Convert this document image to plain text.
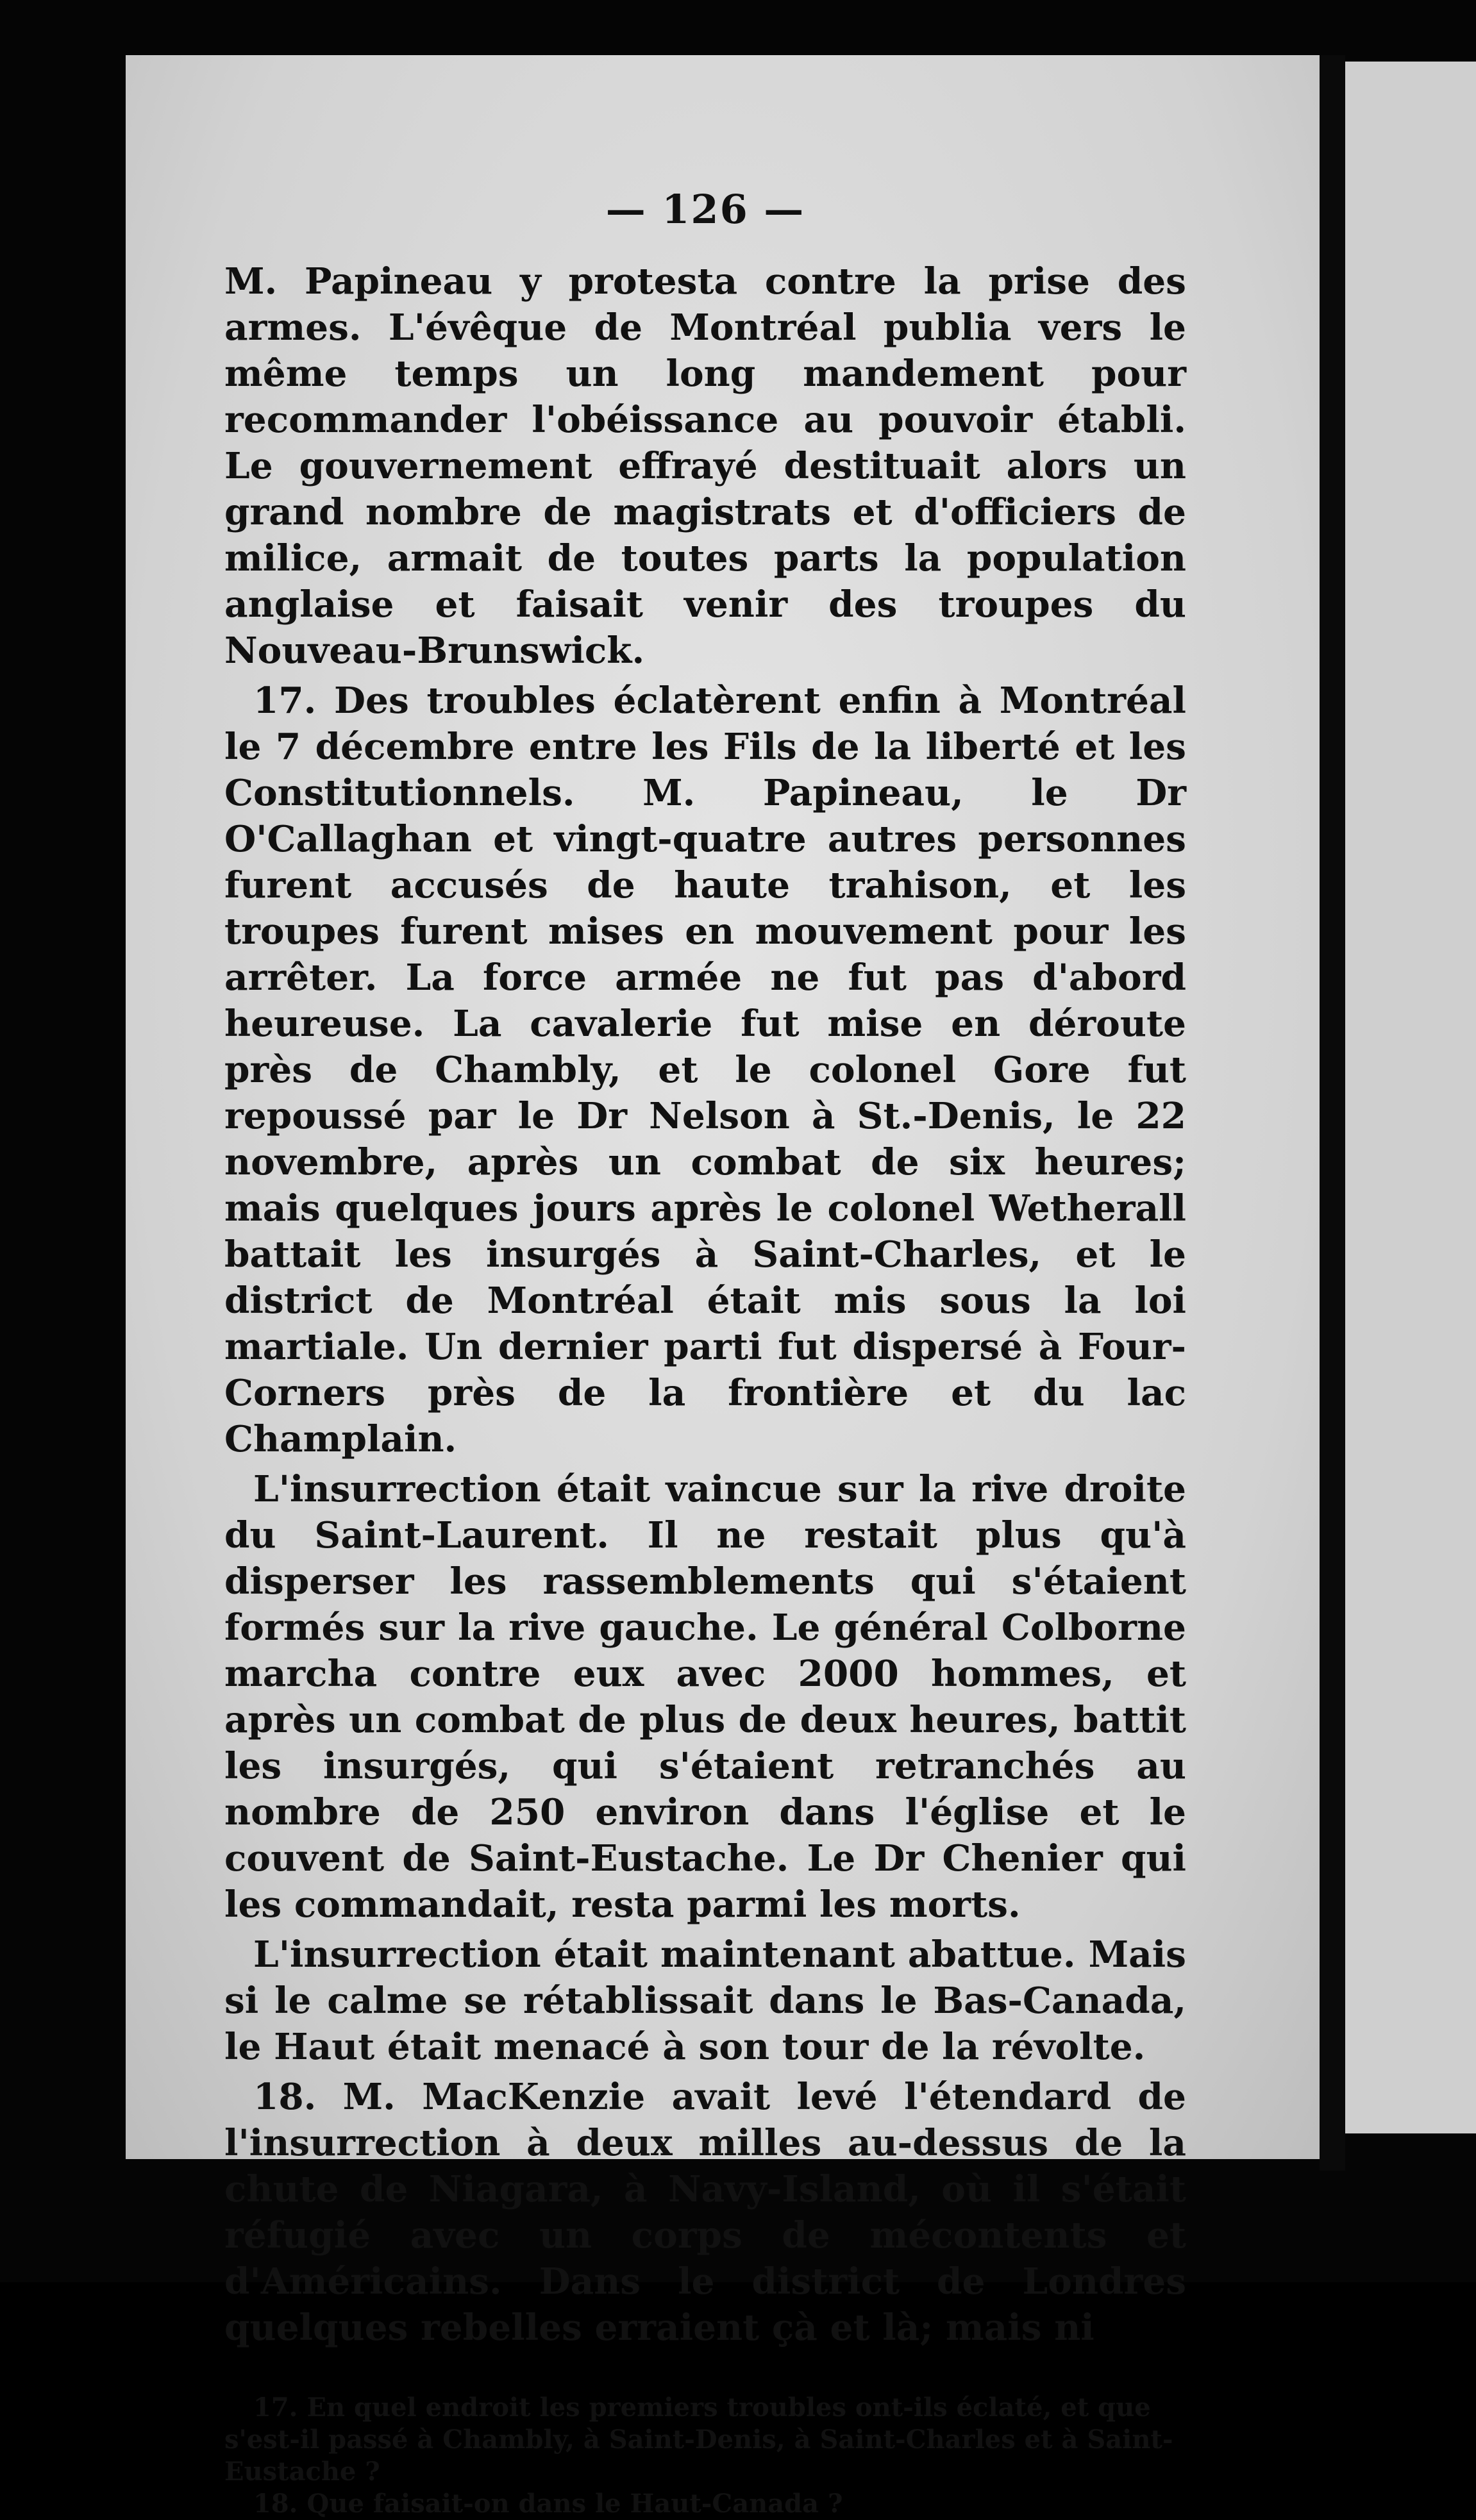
— 126 —

M. Papineau y protesta contre la prise des armes. L'évêque de Montréal publia vers le même temps un long mandement pour recommander l'obéissance au pouvoir établi. Le gouvernement effrayé destituait alors un grand nombre de magistrats et d'officiers de milice, armait de toutes parts la population anglaise et faisait venir des troupes du Nouveau-Brunswick.

17. Des troubles éclatèrent enfin à Montréal le 7 décembre entre les Fils de la liberté et les Constitutionnels. M. Papineau, le Dr O'Callaghan et vingt-quatre autres personnes furent accusés de haute trahison, et les troupes furent mises en mouvement pour les arrêter. La force armée ne fut pas d'abord heureuse. La cavalerie fut mise en déroute près de Chambly, et le colonel Gore fut repoussé par le Dr Nelson à St.-Denis, le 22 novembre, après un combat de six heures; mais quelques jours après le colonel Wetherall battait les insurgés à Saint-Charles, et le district de Montréal était mis sous la loi martiale. Un dernier parti fut dispersé à Four-Corners près de la frontière et du lac Champlain.

L'insurrection était vaincue sur la rive droite du Saint-Laurent. Il ne restait plus qu'à disperser les rassemblements qui s'étaient formés sur la rive gauche. Le général Colborne marcha contre eux avec 2000 hommes, et après un combat de plus de deux heures, battit les insurgés, qui s'étaient retranchés au nombre de 250 environ dans l'église et le couvent de Saint-Eustache. Le Dr Chenier qui les commandait, resta parmi les morts.

L'insurrection était maintenant abattue. Mais si le calme se rétablissait dans le Bas-Canada, le Haut était menacé à son tour de la révolte.

18. M. MacKenzie avait levé l'étendard de l'insurrection à deux milles au-dessus de la chute de Niagara, à Navy-Island, où il s'était réfugié avec un corps de mécontents et d'Américains. Dans le district de Londres quelques rebelles erraient çà et là; mais ni

17. En quel endroit les premiers troubles ont-ils éclaté, et que s'est-il passé à Chambly, à Saint-Denis, à Saint-Charles et à Saint-Eustache ?

18. Que faisait-on dans le Haut-Canada ?
